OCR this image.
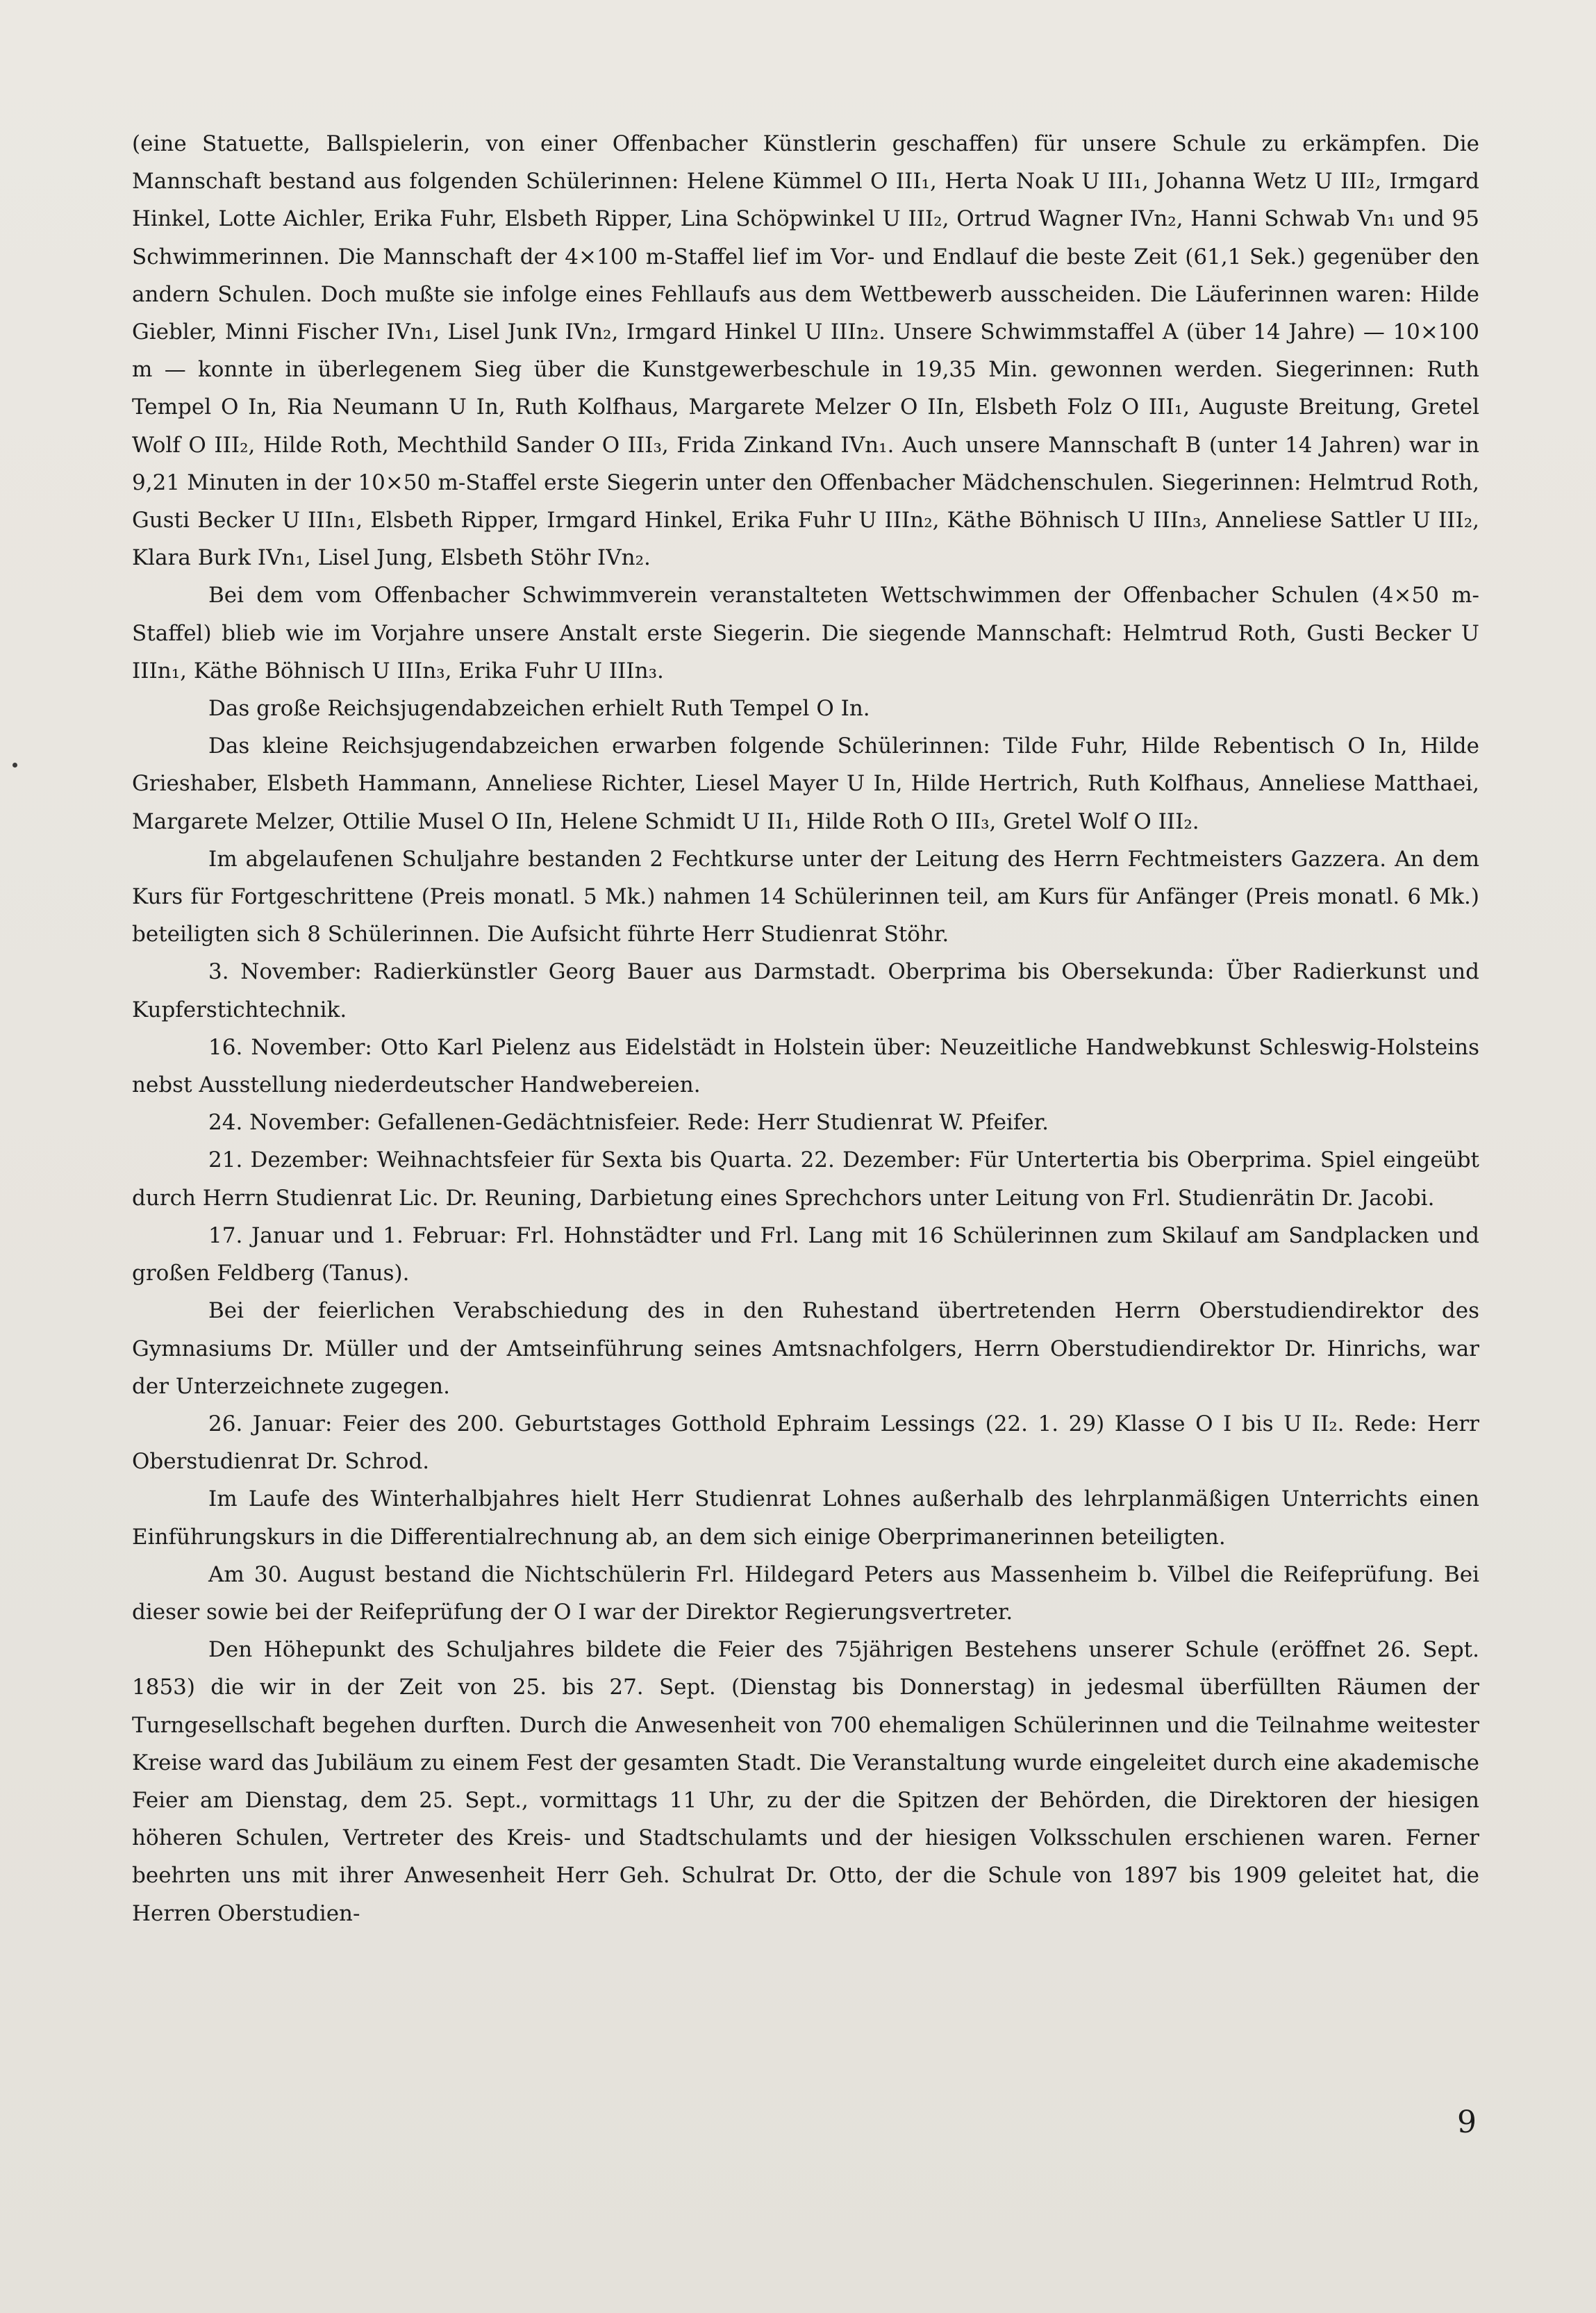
(eine Statuette, Ballspielerin, von einer Offenbacher Künstlerin geschaffen) für unsere Schule zu erkämpfen. Die Mannschaft bestand aus folgenden Schülerinnen: Helene Kümmel O III₁, Herta Noak U III₁, Johanna Wetz U III₂, Irmgard Hinkel, Lotte Aichler, Erika Fuhr, Elsbeth Ripper, Lina Schöpwinkel U III₂, Ortrud Wagner IVn₂, Hanni Schwab Vn₁ und 95 Schwimmerinnen. Die Mannschaft der 4×100 m-Staffel lief im Vor- und Endlauf die beste Zeit (61,1 Sek.) gegenüber den andern Schulen. Doch mußte sie infolge eines Fehllaufs aus dem Wettbewerb ausscheiden. Die Läuferinnen waren: Hilde Giebler, Minni Fischer IVn₁, Lisel Junk IVn₂, Irmgard Hinkel U IIIn₂. Unsere Schwimmstaffel A (über 14 Jahre) — 10×100 m — konnte in überlegenem Sieg über die Kunstgewerbeschule in 19,35 Min. gewonnen werden. Siegerinnen: Ruth Tempel O In, Ria Neumann U In, Ruth Kolfhaus, Margarete Melzer O IIn, Elsbeth Folz O III₁, Auguste Breitung, Gretel Wolf O III₂, Hilde Roth, Mechthild Sander O III₃, Frida Zinkand IVn₁. Auch unsere Mannschaft B (unter 14 Jahren) war in 9,21 Minuten in der 10×50 m-Staffel erste Siegerin unter den Offenbacher Mädchenschulen. Siegerinnen: Helmtrud Roth, Gusti Becker U IIIn₁, Elsbeth Ripper, Irmgard Hinkel, Erika Fuhr U IIIn₂, Käthe Böhnisch U IIIn₃, Anneliese Sattler U III₂, Klara Burk IVn₁, Lisel Jung, Elsbeth Stöhr IVn₂.

Bei dem vom Offenbacher Schwimmverein veranstalteten Wettschwimmen der Offenbacher Schulen (4×50 m-Staffel) blieb wie im Vorjahre unsere Anstalt erste Siegerin. Die siegende Mannschaft: Helmtrud Roth, Gusti Becker U IIIn₁, Käthe Böhnisch U IIIn₃, Erika Fuhr U IIIn₃.

Das große Reichsjugendabzeichen erhielt Ruth Tempel O In.

Das kleine Reichsjugendabzeichen erwarben folgende Schülerinnen: Tilde Fuhr, Hilde Rebentisch O In, Hilde Grieshaber, Elsbeth Hammann, Anneliese Richter, Liesel Mayer U In, Hilde Hertrich, Ruth Kolfhaus, Anneliese Matthaei, Margarete Melzer, Ottilie Musel O IIn, Helene Schmidt U II₁, Hilde Roth O III₃, Gretel Wolf O III₂.

Im abgelaufenen Schuljahre bestanden 2 Fechtkurse unter der Leitung des Herrn Fechtmeisters Gazzera. An dem Kurs für Fortgeschrittene (Preis monatl. 5 Mk.) nahmen 14 Schülerinnen teil, am Kurs für Anfänger (Preis monatl. 6 Mk.) beteiligten sich 8 Schülerinnen. Die Aufsicht führte Herr Studienrat Stöhr.

3. November: Radierkünstler Georg Bauer aus Darmstadt. Oberprima bis Obersekunda: Über Radierkunst und Kupferstichtechnik.

16. November: Otto Karl Pielenz aus Eidelstädt in Holstein über: Neuzeitliche Handwebkunst Schleswig-Holsteins nebst Ausstellung niederdeutscher Handwebereien.

24. November: Gefallenen-Gedächtnisfeier. Rede: Herr Studienrat W. Pfeifer.

21. Dezember: Weihnachtsfeier für Sexta bis Quarta. 22. Dezember: Für Untertertia bis Oberprima. Spiel eingeübt durch Herrn Studienrat Lic. Dr. Reuning, Darbietung eines Sprechchors unter Leitung von Frl. Studienrätin Dr. Jacobi.

17. Januar und 1. Februar: Frl. Hohnstädter und Frl. Lang mit 16 Schülerinnen zum Skilauf am Sandplacken und großen Feldberg (Tanus).

Bei der feierlichen Verabschiedung des in den Ruhestand übertretenden Herrn Oberstudiendirektor des Gymnasiums Dr. Müller und der Amtseinführung seines Amtsnachfolgers, Herrn Oberstudiendirektor Dr. Hinrichs, war der Unterzeichnete zugegen.

26. Januar: Feier des 200. Geburtstages Gotthold Ephraim Lessings (22. 1. 29) Klasse O I bis U II₂. Rede: Herr Oberstudienrat Dr. Schrod.

Im Laufe des Winterhalbjahres hielt Herr Studienrat Lohnes außerhalb des lehrplanmäßigen Unterrichts einen Einführungskurs in die Differentialrechnung ab, an dem sich einige Oberprimanerinnen beteiligten.

Am 30. August bestand die Nichtschülerin Frl. Hildegard Peters aus Massenheim b. Vilbel die Reifeprüfung. Bei dieser sowie bei der Reifeprüfung der O I war der Direktor Regierungsvertreter.

Den Höhepunkt des Schuljahres bildete die Feier des 75jährigen Bestehens unserer Schule (eröffnet 26. Sept. 1853) die wir in der Zeit von 25. bis 27. Sept. (Dienstag bis Donnerstag) in jedesmal überfüllten Räumen der Turngesellschaft begehen durften. Durch die Anwesenheit von 700 ehemaligen Schülerinnen und die Teilnahme weitester Kreise ward das Jubiläum zu einem Fest der gesamten Stadt. Die Veranstaltung wurde eingeleitet durch eine akademische Feier am Dienstag, dem 25. Sept., vormittags 11 Uhr, zu der die Spitzen der Behörden, die Direktoren der hiesigen höheren Schulen, Vertreter des Kreis- und Stadtschulamts und der hiesigen Volksschulen erschienen waren. Ferner beehrten uns mit ihrer Anwesenheit Herr Geh. Schulrat Dr. Otto, der die Schule von 1897 bis 1909 geleitet hat, die Herren Oberstudien-

9
